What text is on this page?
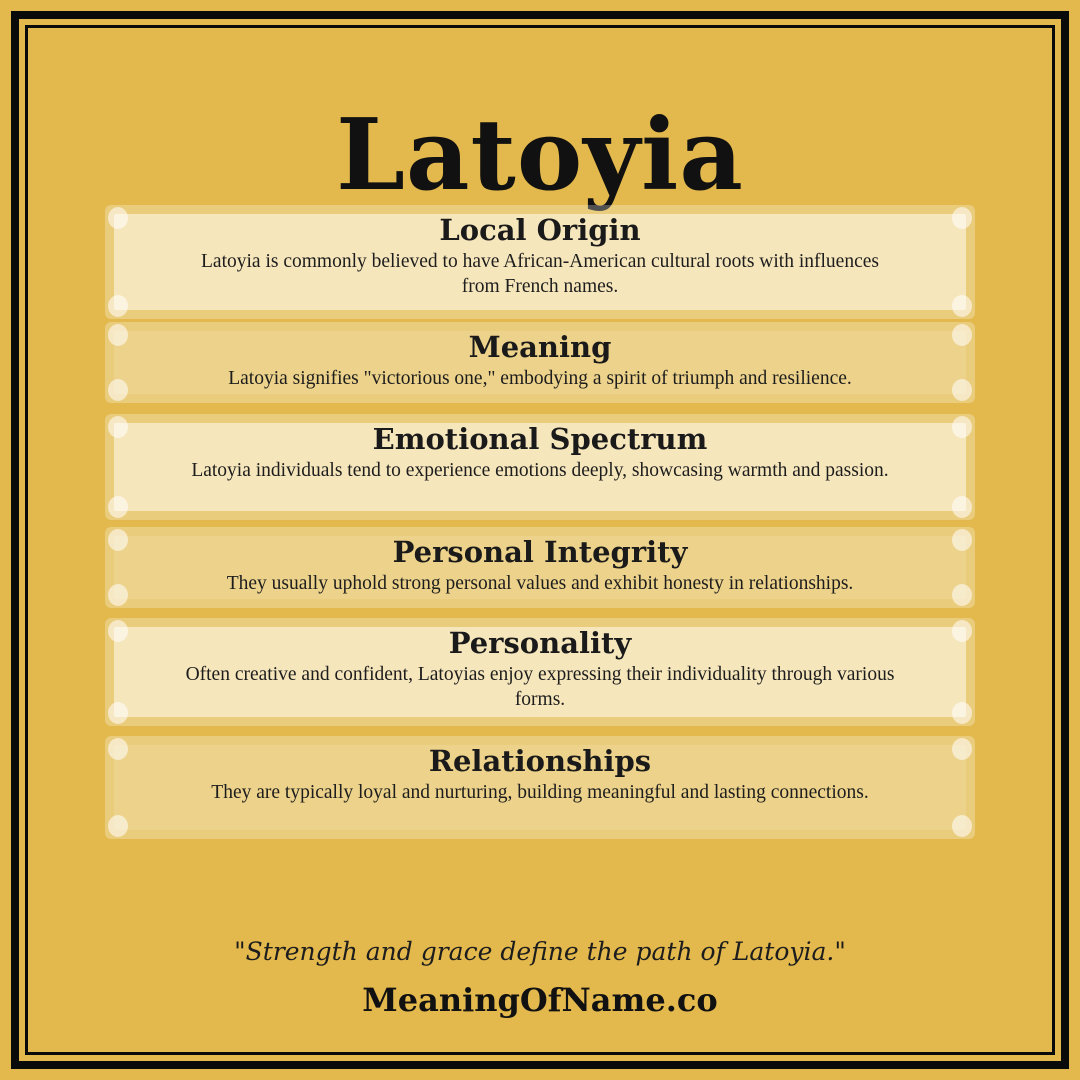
Latoyia
Local Origin

Latoyia is commonly believed to have African-American cultural roots with influences from French names.

Meaning

Latoyia signifies "victorious one," embodying a spirit of triumph and resilience.

Emotional Spectrum

Latoyia individuals tend to experience emotions deeply, showcasing warmth and passion.

Personal Integrity

They usually uphold strong personal values and exhibit honesty in relationships.

Personality

Often creative and confident, Latoyias enjoy expressing their individuality through various forms.

Relationships

They are typically loyal and nurturing, building meaningful and lasting connections.

"Strength and grace define the path of Latoyia."
MeaningOfName.co
